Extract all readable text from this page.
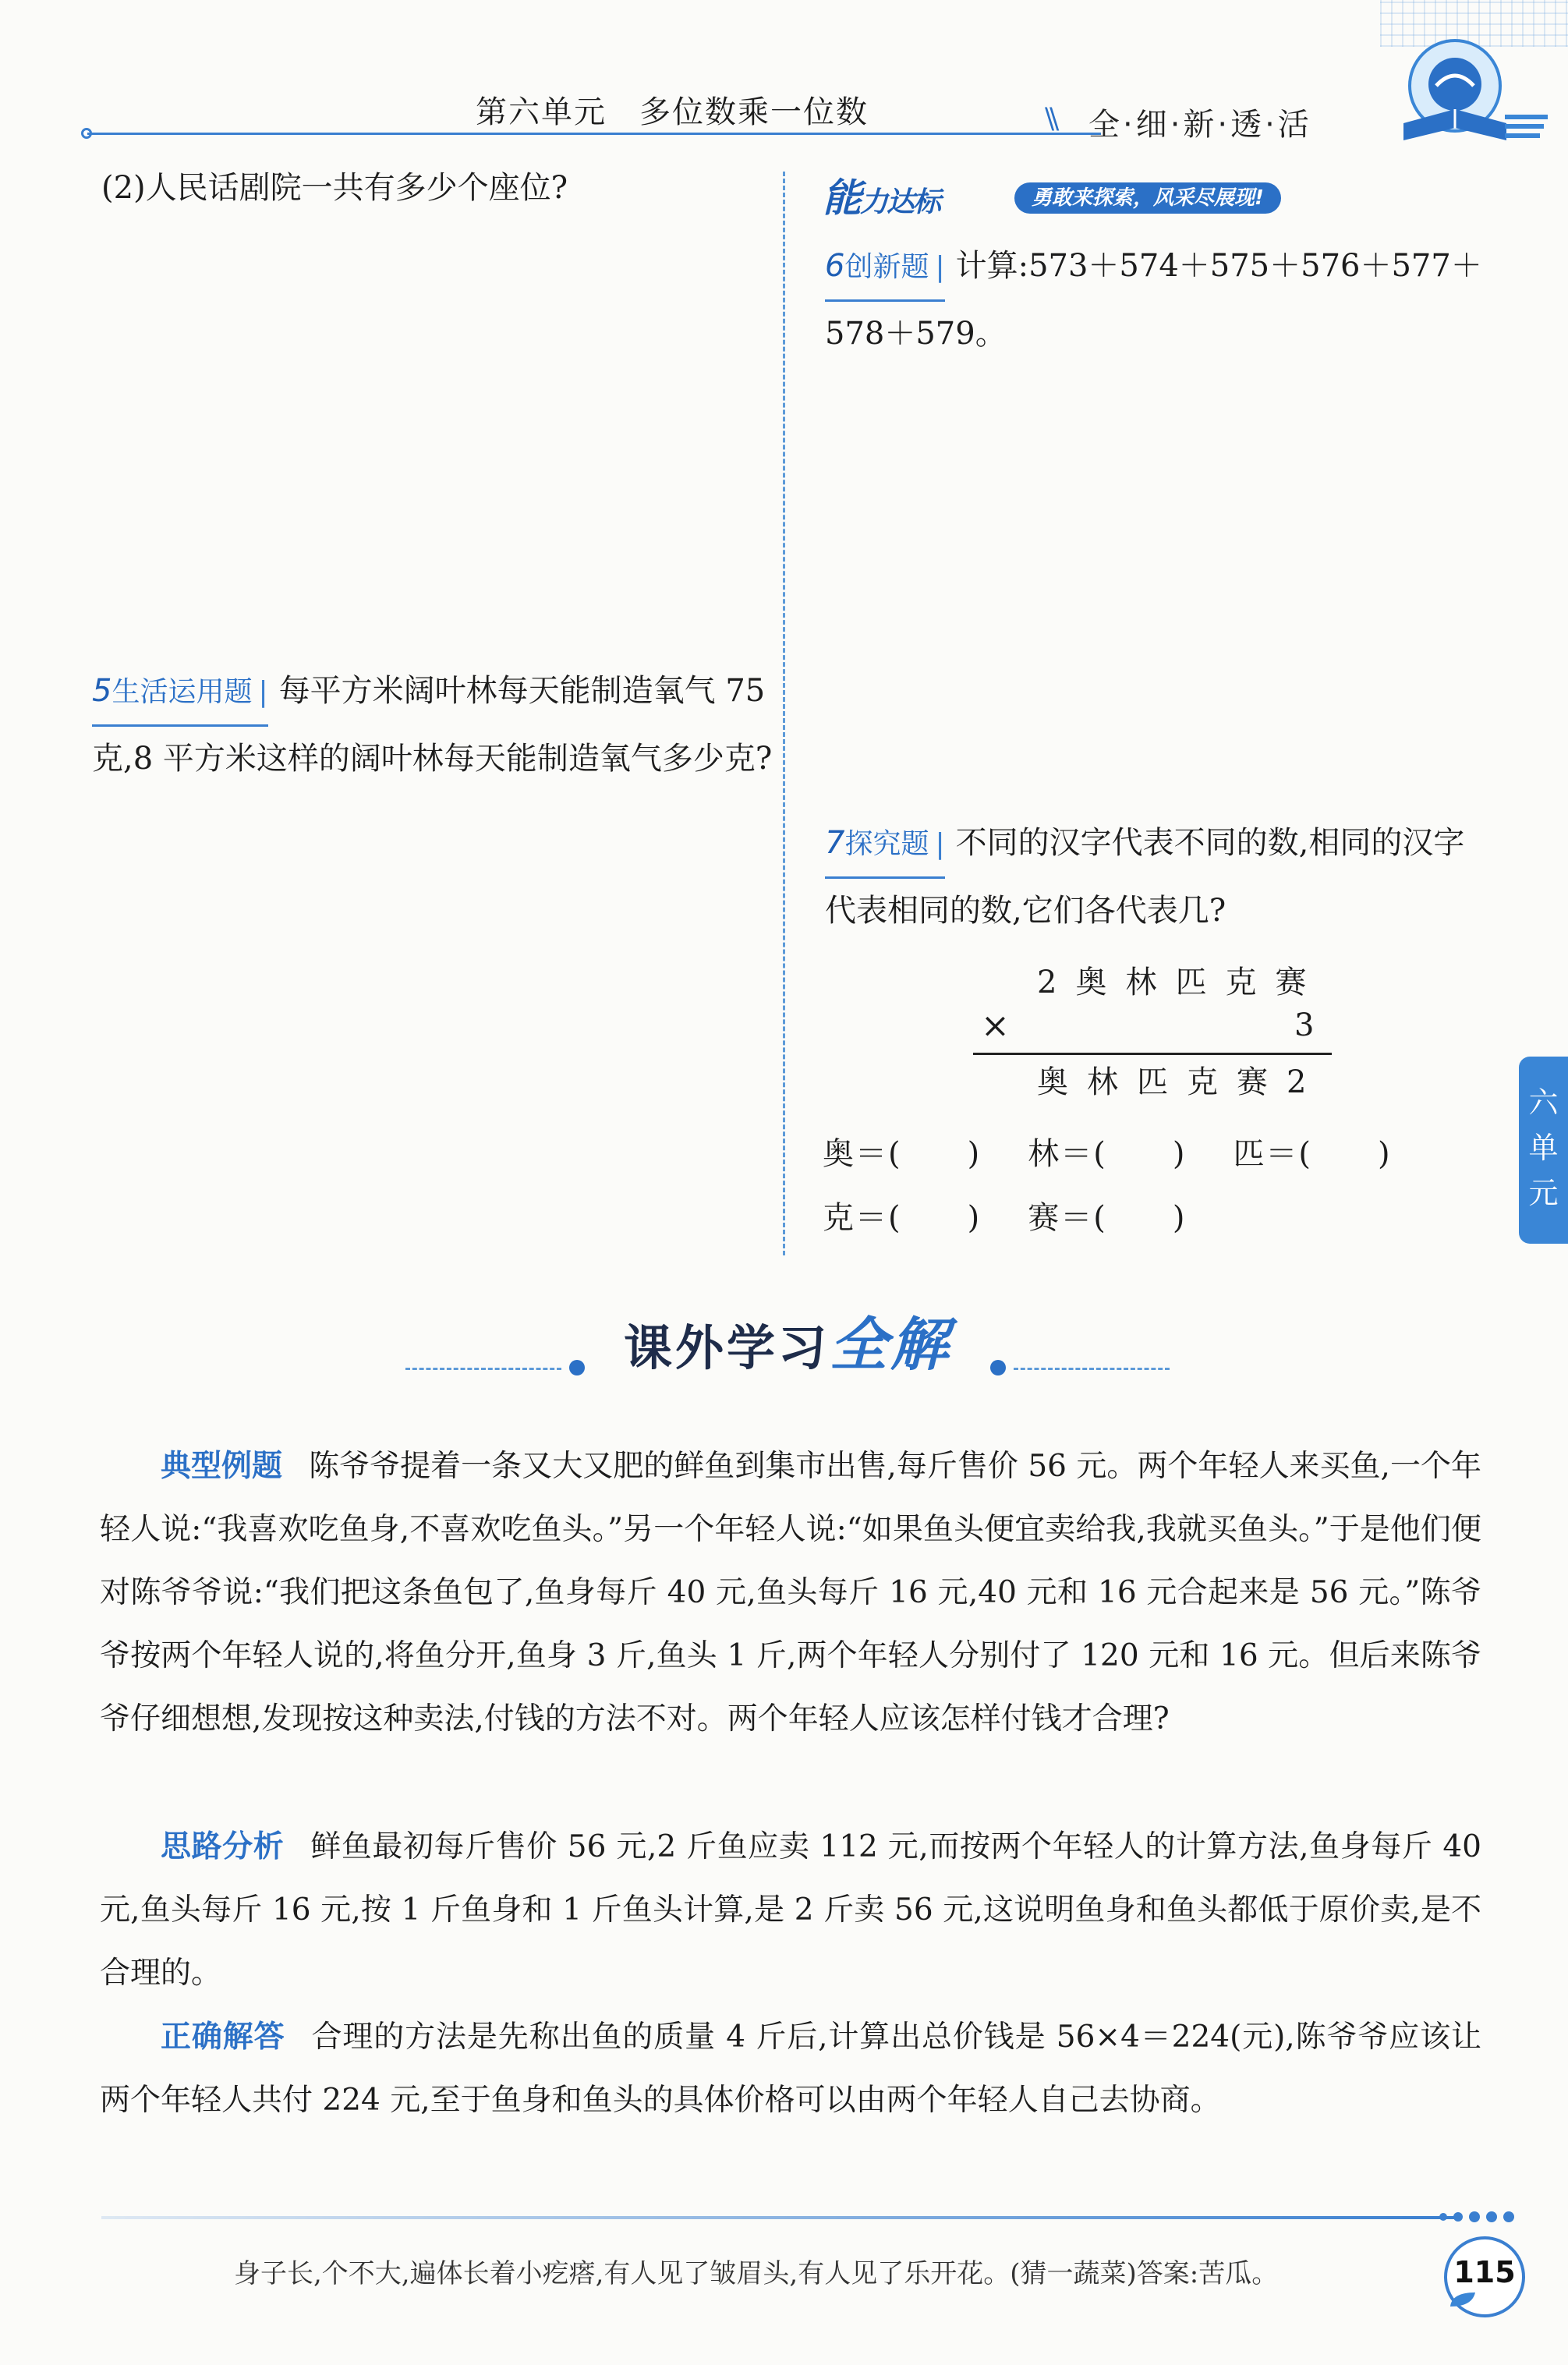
第六单元　多位数乘一位数	\\ 全·细·新·透·活
(2)人民话剧院一共有多少个座位?
5生活运用题 | 每平方米阔叶林每天能制造氧气 75 克,8 平方米这样的阔叶林每天能制造氧气多少克?
能力达标	勇敢来探索，风采尽展现!
6创新题 | 计算:573＋574＋575＋576＋577＋578＋579。
7探究题 | 不同的汉字代表不同的数,相同的汉字代表相同的数,它们各代表几?
2奥林匹克赛
×	3
奥林匹克赛2
奥＝(　　) 林＝(　　) 匹＝(　　)
克＝(　　) 赛＝(　　)
六
单
元
课外学习全解
典型例题 陈爷爷提着一条又大又肥的鲜鱼到集市出售,每斤售价 56 元。两个年轻人来买鱼,一个年轻人说:“我喜欢吃鱼身,不喜欢吃鱼头。”另一个年轻人说:“如果鱼头便宜卖给我,我就买鱼头。”于是他们便对陈爷爷说:“我们把这条鱼包了,鱼身每斤 40 元,鱼头每斤 16 元,40 元和 16 元合起来是 56 元。”陈爷爷按两个年轻人说的,将鱼分开,鱼身 3 斤,鱼头 1 斤,两个年轻人分别付了 120 元和 16 元。但后来陈爷爷仔细想想,发现按这种卖法,付钱的方法不对。两个年轻人应该怎样付钱才合理?
思路分析 鲜鱼最初每斤售价 56 元,2 斤鱼应卖 112 元,而按两个年轻人的计算方法,鱼身每斤 40 元,鱼头每斤 16 元,按 1 斤鱼身和 1 斤鱼头计算,是 2 斤卖 56 元,这说明鱼身和鱼头都低于原价卖,是不合理的。
正确解答 合理的方法是先称出鱼的质量 4 斤后,计算出总价钱是 56×4＝224(元),陈爷爷应该让两个年轻人共付 224 元,至于鱼身和鱼头的具体价格可以由两个年轻人自己去协商。
身子长,个不大,遍体长着小疙瘩,有人见了皱眉头,有人见了乐开花。(猜一蔬菜)答案:苦瓜。	115
